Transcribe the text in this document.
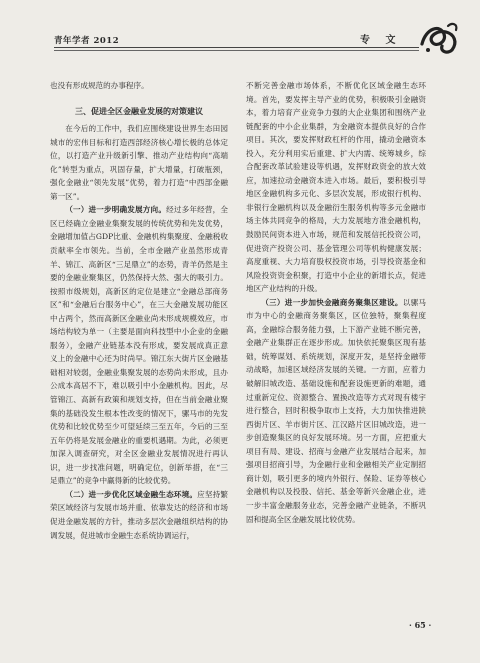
青年学者 2012	专 文

也没有形成规范的办事程序。

三、促进全区金融业发展的对策建议

在今后的工作中，我们应围绕建设世界生态田园城市的宏伟目标和打造西部经济核心增长极的总体定位，以打造产业升级新引擎、推动产业结构向“高端化”转型为重点，巩固存量，扩大增量，打破瓶颈，强化金融业“领先发展”优势，着力打造“中西部金融第一区”。

（一）进一步明确发展方向。经过多年经营，全区已经确立金融业集聚发展的传统优势和先发优势，金融增加值占GDP比重、金融机构集聚度、金融税收贡献率全市领先。当前，全市金融产业虽然形成青羊、锦江、高新区“三足鼎立”的态势，青羊仍然是主要的金融业聚集区，仍然保持大然、强大的吸引力。按照市级规划，高新区的定位是建立“金融总部商务区”和“金融后台服务中心”，在三大金融发展功能区中占两个，然而高新区金融业尚未形成规模效应，市场结构较为单一（主要是面向科技型中小企业的金融服务），金融产业链基本没有形成，要发展成真正意义上的金融中心还为时尚早。锦江东大街片区金融基础相对较弱，金融业集聚发展的态势尚未形成，且办公成本高居不下，难以吸引中小金融机构。因此，尽管锦江、高新有政策和规划支持，但在当前金融业聚集的基础没发生根本性改变的情况下，骡马市的先发优势和比较优势至少可望延续三至五年，今后的三至五年仍将是发展金融业的重要机遇期。为此，必须更加深入调查研究，对全区金融业发展情况进行再认识，进一步找准问题，明确定位，创新举措，在“三足鼎立”的竞争中赢得新的比较优势。

（二）进一步优化区域金融生态环境。应坚持繁荣区域经济与发展市场并重、依靠发达的经济和市场促进金融发展的方针，推动多层次金融组织结构的协调发展，促进城市金融生态系统协调运行，

不断完善金融市场体系，不断优化区域金融生态环境。首先，要发挥主导产业的优势，积极吸引金融资本，着力培育产业竞争力强的大企业集团和围绕产业链配套的中小企业集群，为金融资本提供良好的合作项目。其次，要发挥财政杠杆的作用，撬动金融资本投入，充分利用实后重建、扩大内需、统筹城乡，综合配套改革试验建设等机遇，发挥财政资金的放大效应，加速拉动金融资本进入市场。最后，要积极引导地区金融机构多元化、多层次发展，形成银行机构、非银行金融机构以及金融衍生服务机构等多元金融市场主体共同竞争的格局，大力发展地方准金融机构，鼓励民间资本进入市场，规范和发展信托投资公司，促进资产投资公司、基金管理公司等机构健康发展；高度重视、大力培育股权投资市场，引导投资基金和风险投资资金积聚，打造中小企业的新增长点，促进地区产业结构的升级。

（三）进一步加快金融商务聚集区建设。以骡马市为中心的金融商务聚集区，区位独特，聚集程度高，金融综合服务能力强，上下游产业链不断完善，金融产业集群正在逐步形成。加快依托聚集区现有基础，统筹谋划、系统规划，深度开发，是坚持金融带动战略，加速区域经济发展的关键。一方面，应着力破解旧城改造、基础设施和配套设施更新的难题，通过重新定位、资源整合、置换改造等方式对现有楼宇进行整合，回时积极争取市上支持，大力加快推进陕西街片区、羊市街片区、江汉路片区旧城改造，进一步创造聚集区的良好发展环境。另一方面，应把重大项目有局、建设、招商与金融产业发展结合起来，加强项目招商引导，为金融行业和金融相关产业定制招商计划，吸引更多的境内外银行、保险、证券等核心金融机构以及投股、信托、基金等新兴金融企业，进一步丰富金融服务业态，完善金融产业链条，不断巩固和提高全区金融发展比较优势。

· 65 ·
